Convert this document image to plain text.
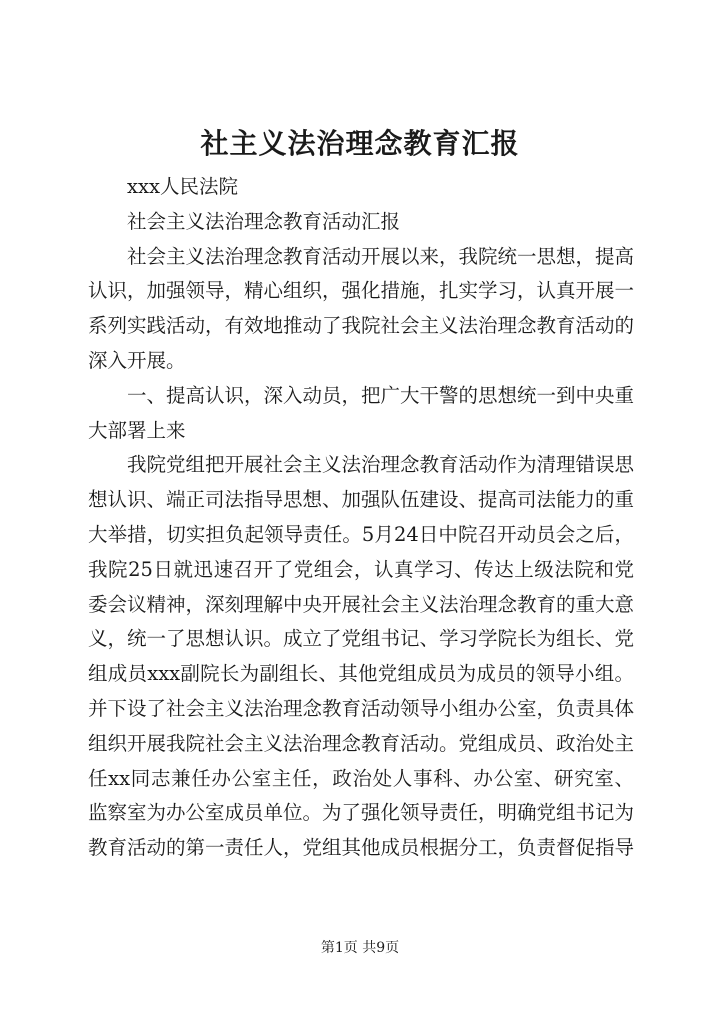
社主义法治理念教育汇报

xxx人民法院

社会主义法治理念教育活动汇报

社会主义法治理念教育活动开展以来，我院统一思想，提高认识，加强领导，精心组织，强化措施，扎实学习，认真开展一系列实践活动，有效地推动了我院社会主义法治理念教育活动的深入开展。

一、提高认识，深入动员，把广大干警的思想统一到中央重大部署上来

我院党组把开展社会主义法治理念教育活动作为清理错误思想认识、端正司法指导思想、加强队伍建设、提高司法能力的重大举措，切实担负起领导责任。5月24日中院召开动员会之后，我院25日就迅速召开了党组会，认真学习、传达上级法院和党委会议精神，深刻理解中央开展社会主义法治理念教育的重大意义，统一了思想认识。成立了党组书记、学习学院长为组长、党组成员xxx副院长为副组长、其他党组成员为成员的领导小组。并下设了社会主义法治理念教育活动领导小组办公室，负责具体组织开展我院社会主义法治理念教育活动。党组成员、政治处主任xx同志兼任办公室主任，政治处人事科、办公室、研究室、监察室为办公室成员单位。为了强化领导责任，明确党组书记为教育活动的第一责任人，党组其他成员根据分工，负责督促指导

第1页 共9页
